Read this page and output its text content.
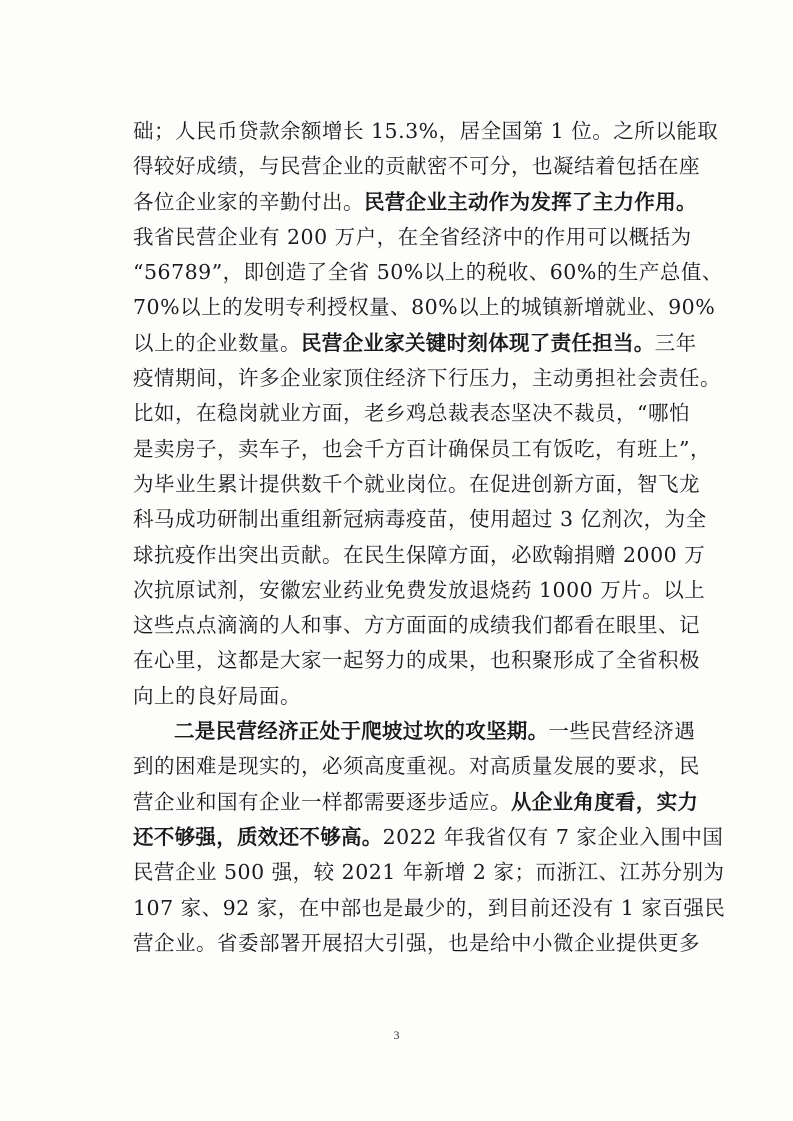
础；人民币贷款余额增长 15.3%，居全国第 1 位。之所以能取
得较好成绩，与民营企业的贡献密不可分，也凝结着包括在座
各位企业家的辛勤付出。民营企业主动作为发挥了主力作用。
我省民营企业有 200 万户，在全省经济中的作用可以概括为
“56789”，即创造了全省 50%以上的税收、60%的生产总值、
70%以上的发明专利授权量、80%以上的城镇新增就业、90%
以上的企业数量。民营企业家关键时刻体现了责任担当。三年
疫情期间，许多企业家顶住经济下行压力，主动勇担社会责任。
比如，在稳岗就业方面，老乡鸡总裁表态坚决不裁员，“哪怕
是卖房子，卖车子，也会千方百计确保员工有饭吃，有班上”，
为毕业生累计提供数千个就业岗位。在促进创新方面，智飞龙
科马成功研制出重组新冠病毒疫苗，使用超过 3 亿剂次，为全
球抗疫作出突出贡献。在民生保障方面，必欧翰捐赠 2000 万
次抗原试剂，安徽宏业药业免费发放退烧药 1000 万片。以上
这些点点滴滴的人和事、方方面面的成绩我们都看在眼里、记
在心里，这都是大家一起努力的成果，也积聚形成了全省积极
向上的良好局面。
二是民营经济正处于爬坡过坎的攻坚期。一些民营经济遇
到的困难是现实的，必须高度重视。对高质量发展的要求，民
营企业和国有企业一样都需要逐步适应。从企业角度看，实力
还不够强，质效还不够高。2022 年我省仅有 7 家企业入围中国
民营企业 500 强，较 2021 年新增 2 家；而浙江、江苏分别为
107 家、92 家，在中部也是最少的，到目前还没有 1 家百强民
营企业。省委部署开展招大引强，也是给中小微企业提供更多
3
